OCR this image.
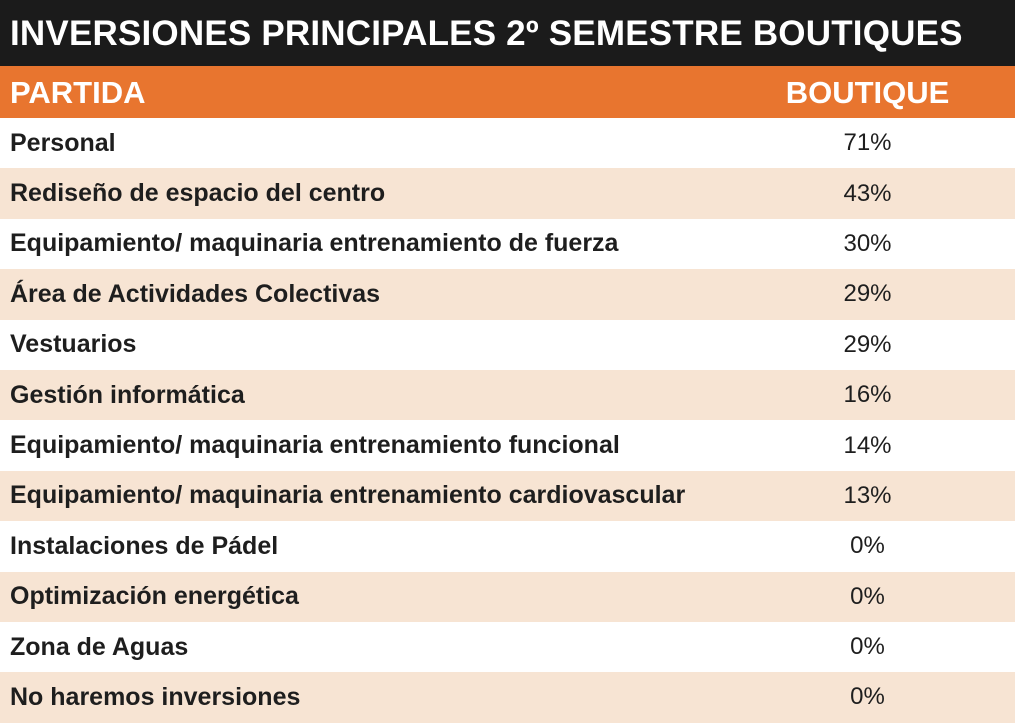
INVERSIONES PRINCIPALES 2º SEMESTRE BOUTIQUES
PARTIDA	BOUTIQUE
Personal	71%
Rediseño de espacio del centro	43%
Equipamiento/ maquinaria entrenamiento de fuerza	30%
Área de Actividades Colectivas	29%
Vestuarios	29%
Gestión informática	16%
Equipamiento/ maquinaria entrenamiento funcional	14%
Equipamiento/ maquinaria entrenamiento cardiovascular	13%
Instalaciones de Pádel	0%
Optimización energética	0%
Zona de Aguas	0%
No haremos inversiones	0%
